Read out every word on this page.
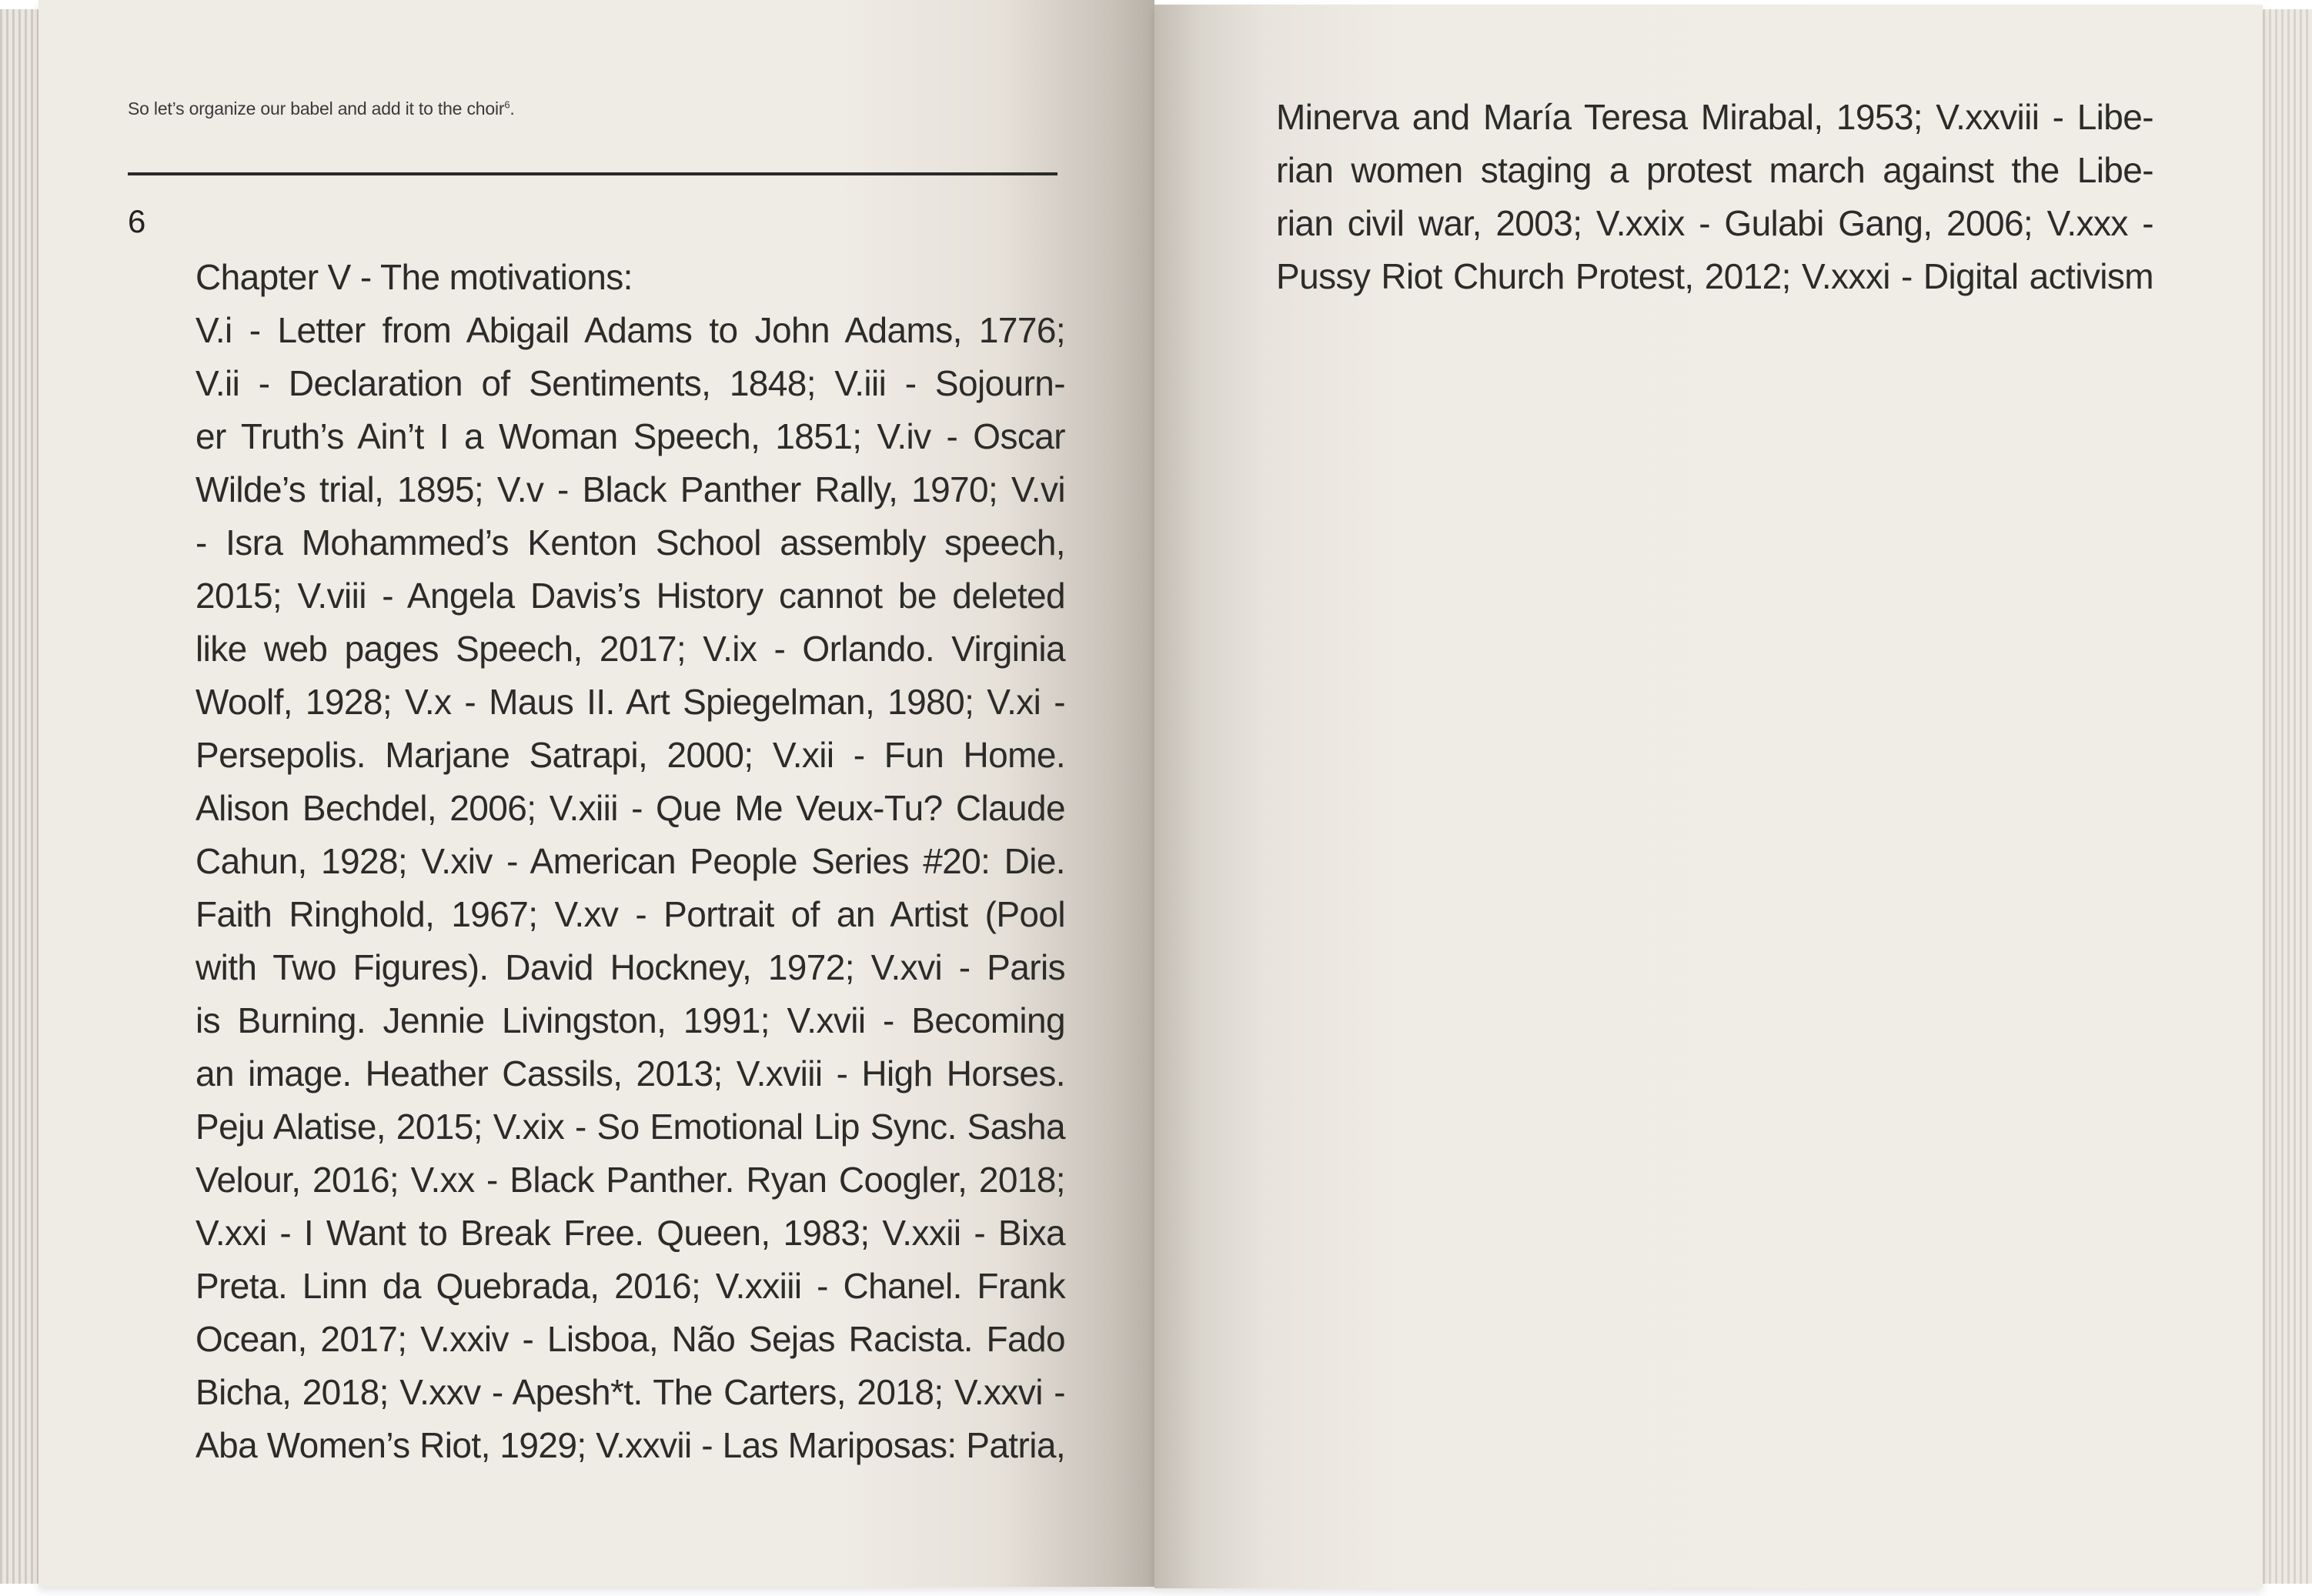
So let’s organize our babel and add it to the choir$^6$.
6
Chapter V - The motivations:
V.i - Letter from Abigail Adams to John Adams, 1776;
V.ii - Declaration of Sentiments, 1848; V.iii - Sojourn-
er Truth’s Ain’t I a Woman Speech, 1851; V.iv - Oscar
Wilde’s trial, 1895; V.v - Black Panther Rally, 1970; V.vi
- Isra Mohammed’s Kenton School assembly speech,
2015; V.viii - Angela Davis’s History cannot be deleted
like web pages Speech, 2017; V.ix - Orlando. Virginia
Woolf, 1928; V.x - Maus II. Art Spiegelman, 1980; V.xi -
Persepolis. Marjane Satrapi, 2000; V.xii - Fun Home.
Alison Bechdel, 2006; V.xiii - Que Me Veux-Tu? Claude
Cahun, 1928; V.xiv - American People Series #20: Die.
Faith Ringhold, 1967; V.xv - Portrait of an Artist (Pool
with Two Figures). David Hockney, 1972; V.xvi - Paris
is Burning. Jennie Livingston, 1991; V.xvii - Becoming
an image. Heather Cassils, 2013; V.xviii - High Horses.
Peju Alatise, 2015; V.xix - So Emotional Lip Sync. Sasha
Velour, 2016; V.xx - Black Panther. Ryan Coogler, 2018;
V.xxi - I Want to Break Free. Queen, 1983; V.xxii - Bixa
Preta. Linn da Quebrada, 2016; V.xxiii - Chanel. Frank
Ocean, 2017; V.xxiv - Lisboa, Não Sejas Racista. Fado
Bicha, 2018; V.xxv - Apesh*t. The Carters, 2018; V.xxvi -
Aba Women’s Riot, 1929; V.xxvii - Las Mariposas: Patria,
Minerva and María Teresa Mirabal, 1953; V.xxviii - Libe-
rian women staging a protest march against the Libe-
rian civil war, 2003; V.xxix - Gulabi Gang, 2006; V.xxx -
Pussy Riot Church Protest, 2012; V.xxxi - Digital activism
